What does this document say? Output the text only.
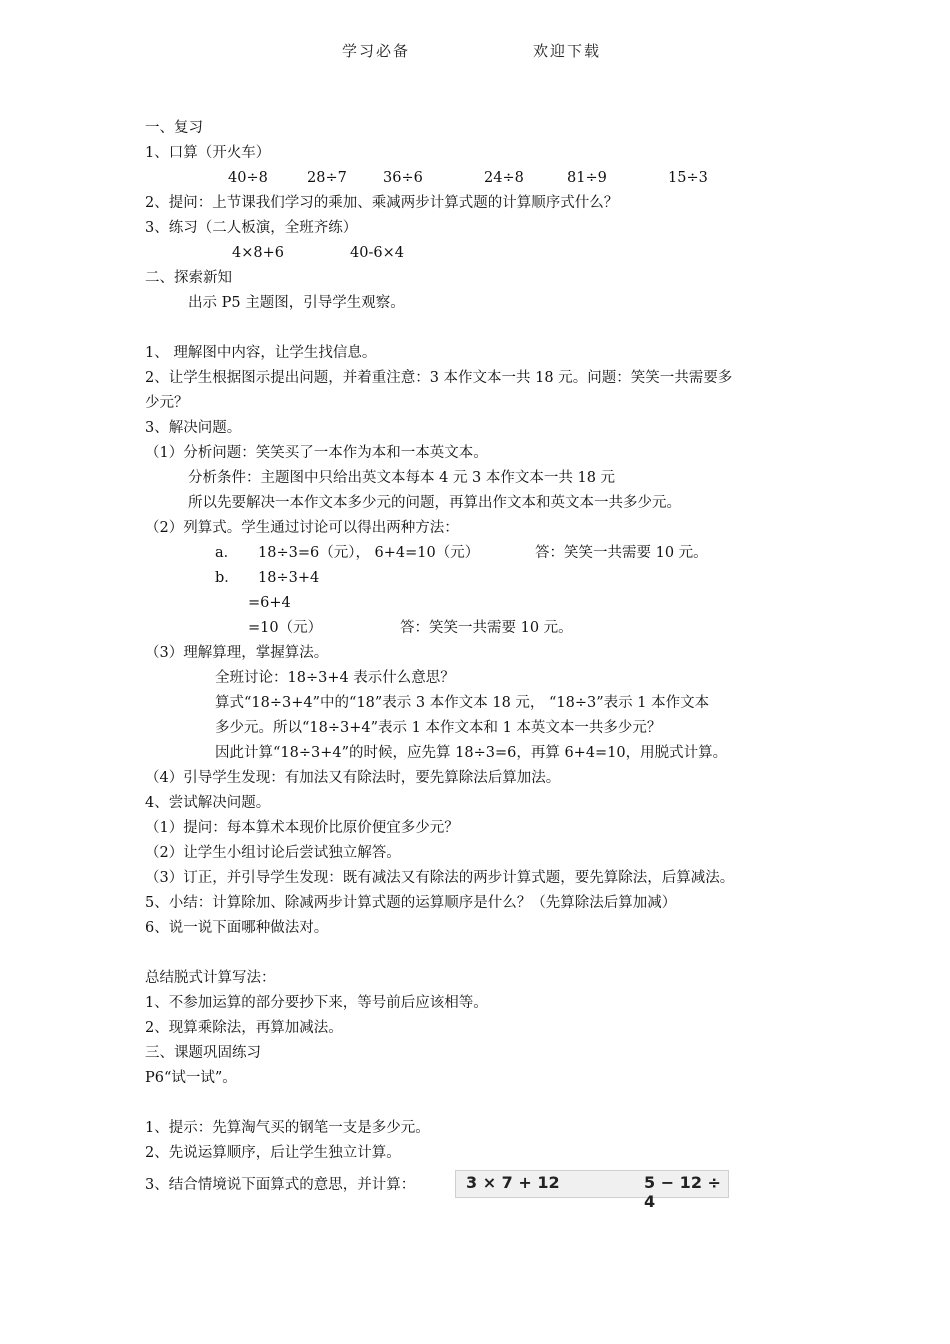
学习必备	欢迎下载
一、复习
1、口算（开火车）
40÷8	28÷7 36÷6	24÷8	81÷9	15÷3
2、提问：上节课我们学习的乘加、乘减两步计算式题的计算顺序式什么？
3、练习（二人板演，全班齐练）
4×8+6	40-6×4
二、探索新知
出示 P5 主题图，引导学生观察。
1、 理解图中内容，让学生找信息。
2、让学生根据图示提出问题，并着重注意：3 本作文本一共 18 元。问题：笑笑一共需要多
少元？
3、解决问题。
（1）分析问题：笑笑买了一本作为本和一本英文本。
分析条件：主题图中只给出英文本每本 4 元 3 本作文本一共 18 元
所以先要解决一本作文本多少元的问题，再算出作文本和英文本一共多少元。
（2）列算式。学生通过讨论可以得出两种方法：
a． 18÷3=6（元）， 6+4=10（元）	答：笑笑一共需要 10 元。
b． 18÷3+4
=6+4
=10（元）	答：笑笑一共需要 10 元。
（3）理解算理，掌握算法。
全班讨论：18÷3+4 表示什么意思？
算式“18÷3+4”中的“18”表示 3 本作文本 18 元， “18÷3”表示 1 本作文本
多少元。所以“18÷3+4”表示 1 本作文本和 1 本英文本一共多少元？
因此计算“18÷3+4”的时候，应先算 18÷3=6，再算 6+4=10，用脱式计算。
（4）引导学生发现：有加法又有除法时，要先算除法后算加法。
4、尝试解决问题。
（1）提问：每本算术本现价比原价便宜多少元？
（2）让学生小组讨论后尝试独立解答。
（3）订正，并引导学生发现：既有减法又有除法的两步计算式题，要先算除法，后算减法。
5、小结：计算除加、除减两步计算式题的运算顺序是什么？（先算除法后算加减）
6、说一说下面哪种做法对。
总结脱式计算写法：
1、不参加运算的部分要抄下来，等号前后应该相等。
2、现算乘除法，再算加减法。
三、课题巩固练习
P6“试一试”。
1、提示：先算淘气买的钢笔一支是多少元。
2、先说运算顺序，后让学生独立计算。
3、结合情境说下面算式的意思，并计算：	3 × 7 + 12	5 − 12 ÷ 4
